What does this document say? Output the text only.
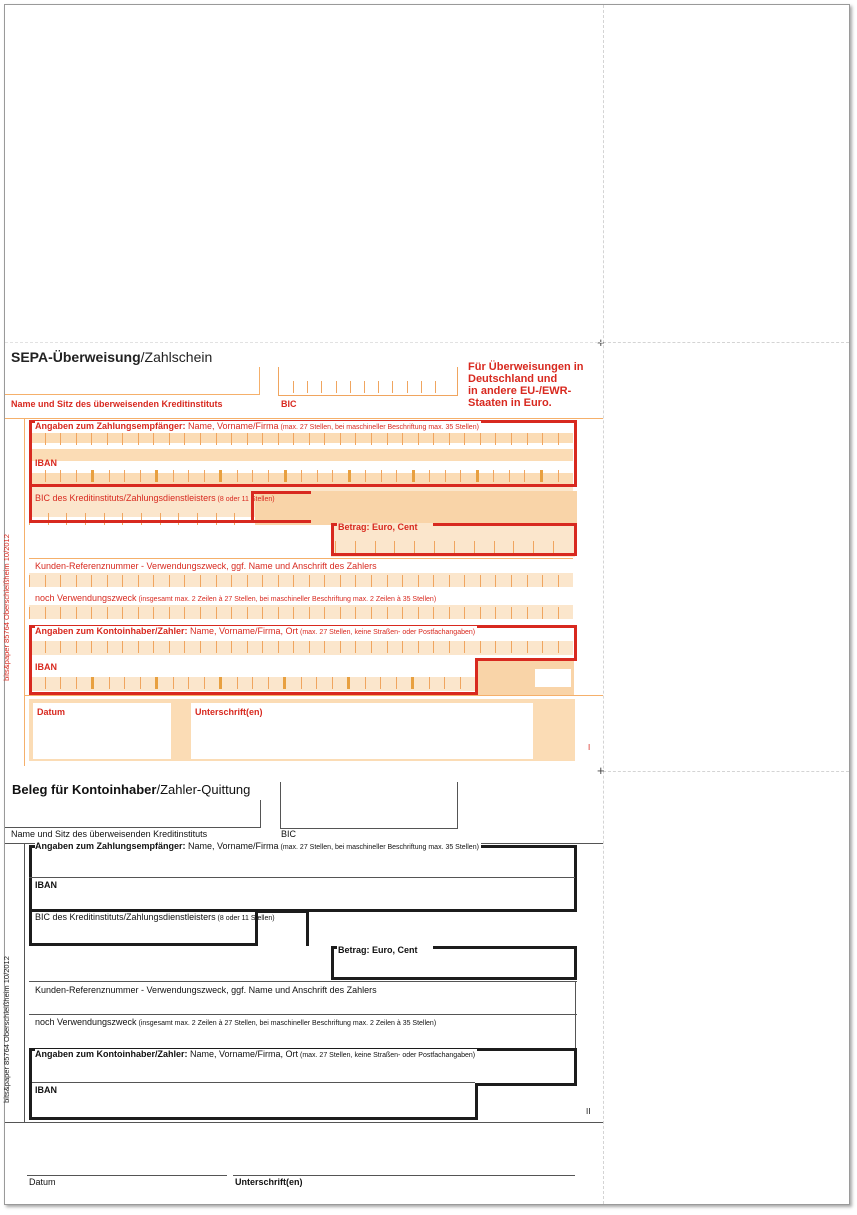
+
+
SEPA-Überweisung/Zahlschein
Name und Sitz des überweisenden Kreditinstituts	BIC
Für Überweisungen in
Deutschland und
in andere EU-/EWR-
Staaten in Euro.
Angaben zum Zahlungsempfänger: Name, Vorname/Firma (max. 27 Stellen, bei maschineller Beschriftung max. 35 Stellen)
IBAN
BIC des Kreditinstituts/Zahlungsdienstleisters (8 oder 11 Stellen)
Betrag: Euro, Cent
Kunden-Referenznummer - Verwendungszweck, ggf. Name und Anschrift des Zahlers
noch Verwendungszweck (insgesamt max. 2 Zeilen à 27 Stellen, bei maschineller Beschriftung max. 2 Zeilen à 35 Stellen)
Angaben zum Kontoinhaber/Zahler: Name, Vorname/Firma, Ort (max. 27 Stellen, keine Straßen- oder Postfachangaben)
IBAN
Datum	Unterschrift(en)
I
bits&paper 85764 Oberschleißheim 10/2012
Beleg für Kontoinhaber/Zahler-Quittung
Name und Sitz des überweisenden Kreditinstituts	BIC
Angaben zum Zahlungsempfänger: Name, Vorname/Firma (max. 27 Stellen, bei maschineller Beschriftung max. 35 Stellen)
IBAN
BIC des Kreditinstituts/Zahlungsdienstleisters (8 oder 11 Stellen)
Betrag: Euro, Cent
Kunden-Referenznummer - Verwendungszweck, ggf. Name und Anschrift des Zahlers
noch Verwendungszweck (insgesamt max. 2 Zeilen à 27 Stellen, bei maschineller Beschriftung max. 2 Zeilen à 35 Stellen)
Angaben zum Kontoinhaber/Zahler: Name, Vorname/Firma, Ort (max. 27 Stellen, keine Straßen- oder Postfachangaben)
IBAN
II
Datum	Unterschrift(en)
bits&paper 85764 Oberschleißheim 10/2012
